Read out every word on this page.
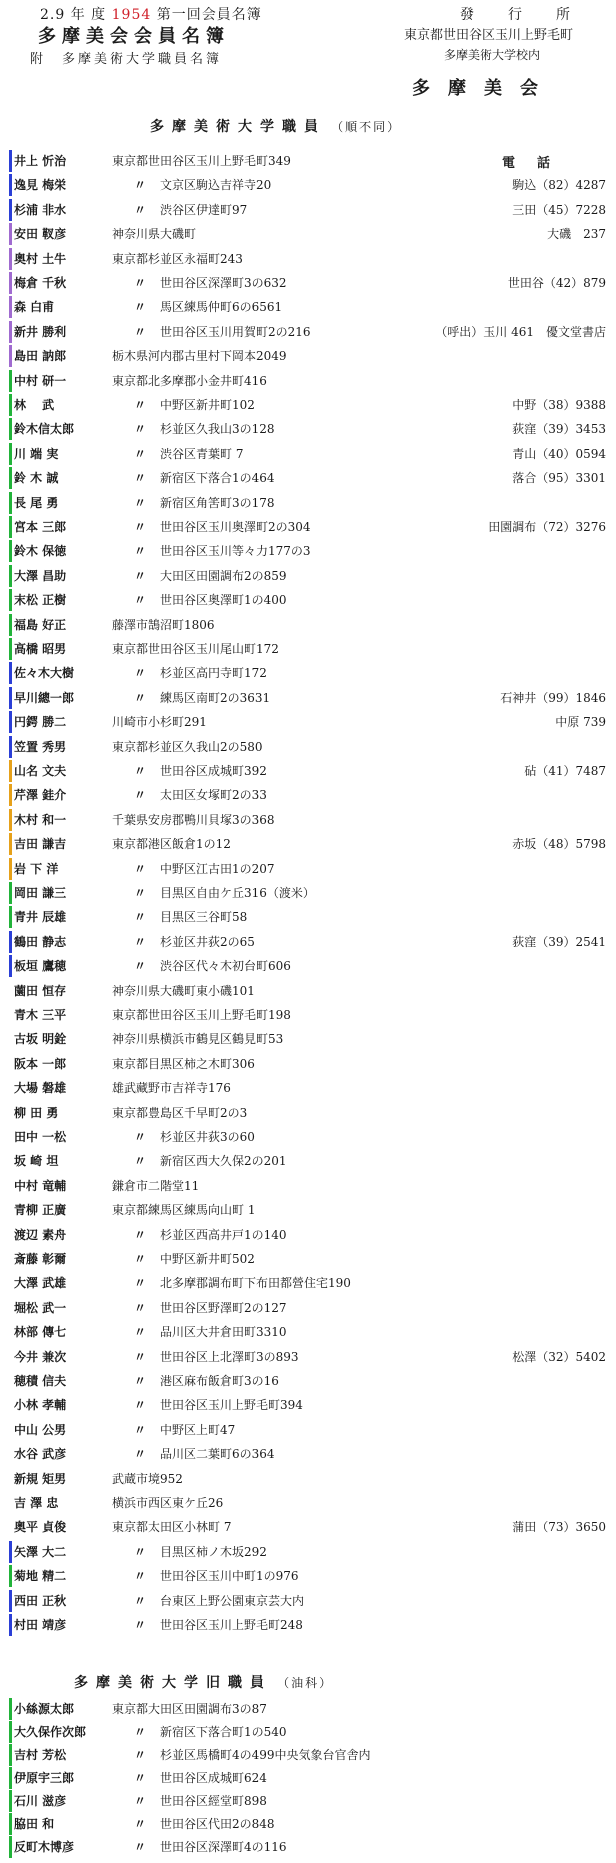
2.9 年 度 1954 第一回会員名簿
多摩美会会員名簿
附　多摩美術大学職員名簿
發　行　所
東京都世田谷区玉川上野毛町
多摩美術大学校内
多摩美会
多摩美術大学職員 （順不同）
電話
井上 忻治	東京都世田谷区玉川上野毛町349
逸見 梅栄	〃 文京区駒込吉祥寺20	駒込（82）4287
杉浦 非水	〃 渋谷区伊達町97	三田（45）7228
安田 靫彦	神奈川県大磯町	大磯　237
奥村 土牛	東京都杉並区永福町243
梅倉 千秋	〃 世田谷区深澤町3の632	世田谷（42）879
森 白甫	〃 馬区練馬仲町6の6561
新井 勝利	〃 世田谷区玉川用賀町2の216	（呼出）玉川 461　優文堂書店
島田 訥郎	栃木県河内郡古里村下岡本2049
中村 研一	東京都北多摩郡小金井町416
林 　武	〃 中野区新井町102	中野（38）9388
鈴木信太郎	〃 杉並区久我山3の128	荻窪（39）3453
川 端 実	〃 渋谷区青葉町 7	青山（40）0594
鈴 木 誠	〃 新宿区下落合1の464	落合（95）3301
長 尾 勇	〃 新宿区角筈町3の178
宮本 三郎	〃 世田谷区玉川奥澤町2の304	田園調布（72）3276
鈴木 保徳	〃 世田谷区玉川等々力177の3
大澤 昌助	〃 大田区田園調布2の859
末松 正樹	〃 世田谷区奥澤町1の400
福島 好正	藤澤市鵠沼町1806
高橋 昭男	東京都世田谷区玉川尾山町172
佐々木大樹	〃 杉並区高円寺町172
早川總一郎	〃 練馬区南町2の3631	石神井（99）1846
円鍔 勝二	川崎市小杉町291	中原 739
笠置 秀男	東京都杉並区久我山2の580
山名 文夫	〃 世田谷区成城町392	砧（41）7487
芹澤 銈介	〃 太田区女塚町2の33
木村 和一	千葉県安房郡鴨川貝塚3の368
吉田 謙吉	東京都港区飯倉1の12	赤坂（48）5798
岩 下 洋	〃 中野区江古田1の207
岡田 謙三	〃 目黒区自由ケ丘316（渡米）
青井 辰雄	〃 目黒区三谷町58
鶴田 静志	〃 杉並区井荻2の65	荻窪（39）2541
板垣 鷹穂	〃 渋谷区代々木初台町606
薗田 恒存	神奈川県大磯町東小磯101
青木 三平	東京都世田谷区玉川上野毛町198
古坂 明銓	神奈川県横浜市鶴見区鶴見町53
阪本 一郎	東京都目黒区柿之木町306
大場 磐雄	雄武藏野市吉祥寺176
柳 田 勇	東京都豊島区千早町2の3
田中 一松	〃 杉並区井荻3の60
坂 崎 坦	〃 新宿区西大久保2の201
中村 竜輔	鎌倉市二階堂11
青柳 正廣	東京都練馬区練馬向山町 1
渡辺 素舟	〃 杉並区西高井戸1の140
斎藤 彰爾	〃 中野区新井町502
大澤 武雄	〃 北多摩郡調布町下布田都營住宅190
堀松 武一	〃 世田谷区野澤町2の127
林部 傳七	〃 品川区大井倉田町3310
今井 兼次	〃 世田谷区上北澤町3の893	松澤（32）5402
穂積 信夫	〃 港区麻布飯倉町3の16
小林 孝輔	〃 世田谷区玉川上野毛町394
中山 公男	〃 中野区上町47
水谷 武彦	〃 品川区二葉町6の364
新規 矩男	武蔵市境952
吉 澤 忠	横浜市西区東ケ丘26
奥平 貞俊	東京都太田区小林町 7	蒲田（73）3650
矢澤 大二	〃 目黒区柿ノ木坂292
菊地 精二	〃 世田谷区玉川中町1の976
西田 正秋	〃 台東区上野公園東京芸大内
村田 靖彦	〃 世田谷区玉川上野毛町248
多摩美術大学旧職員 （油科）
小絲源太郎	東京都大田区田園調布3の87
大久保作次郎	〃 新宿区下落合町1の540
吉村 芳松	〃 杉並区馬橋町4の499中央気象台官舎内
伊原宇三郎	〃 世田谷区成城町624
石川 滋彦	〃 世田谷区經堂町898
脇田 和	〃 世田谷区代田2の848
反町木博彦	〃 世田谷区深澤町4の116
